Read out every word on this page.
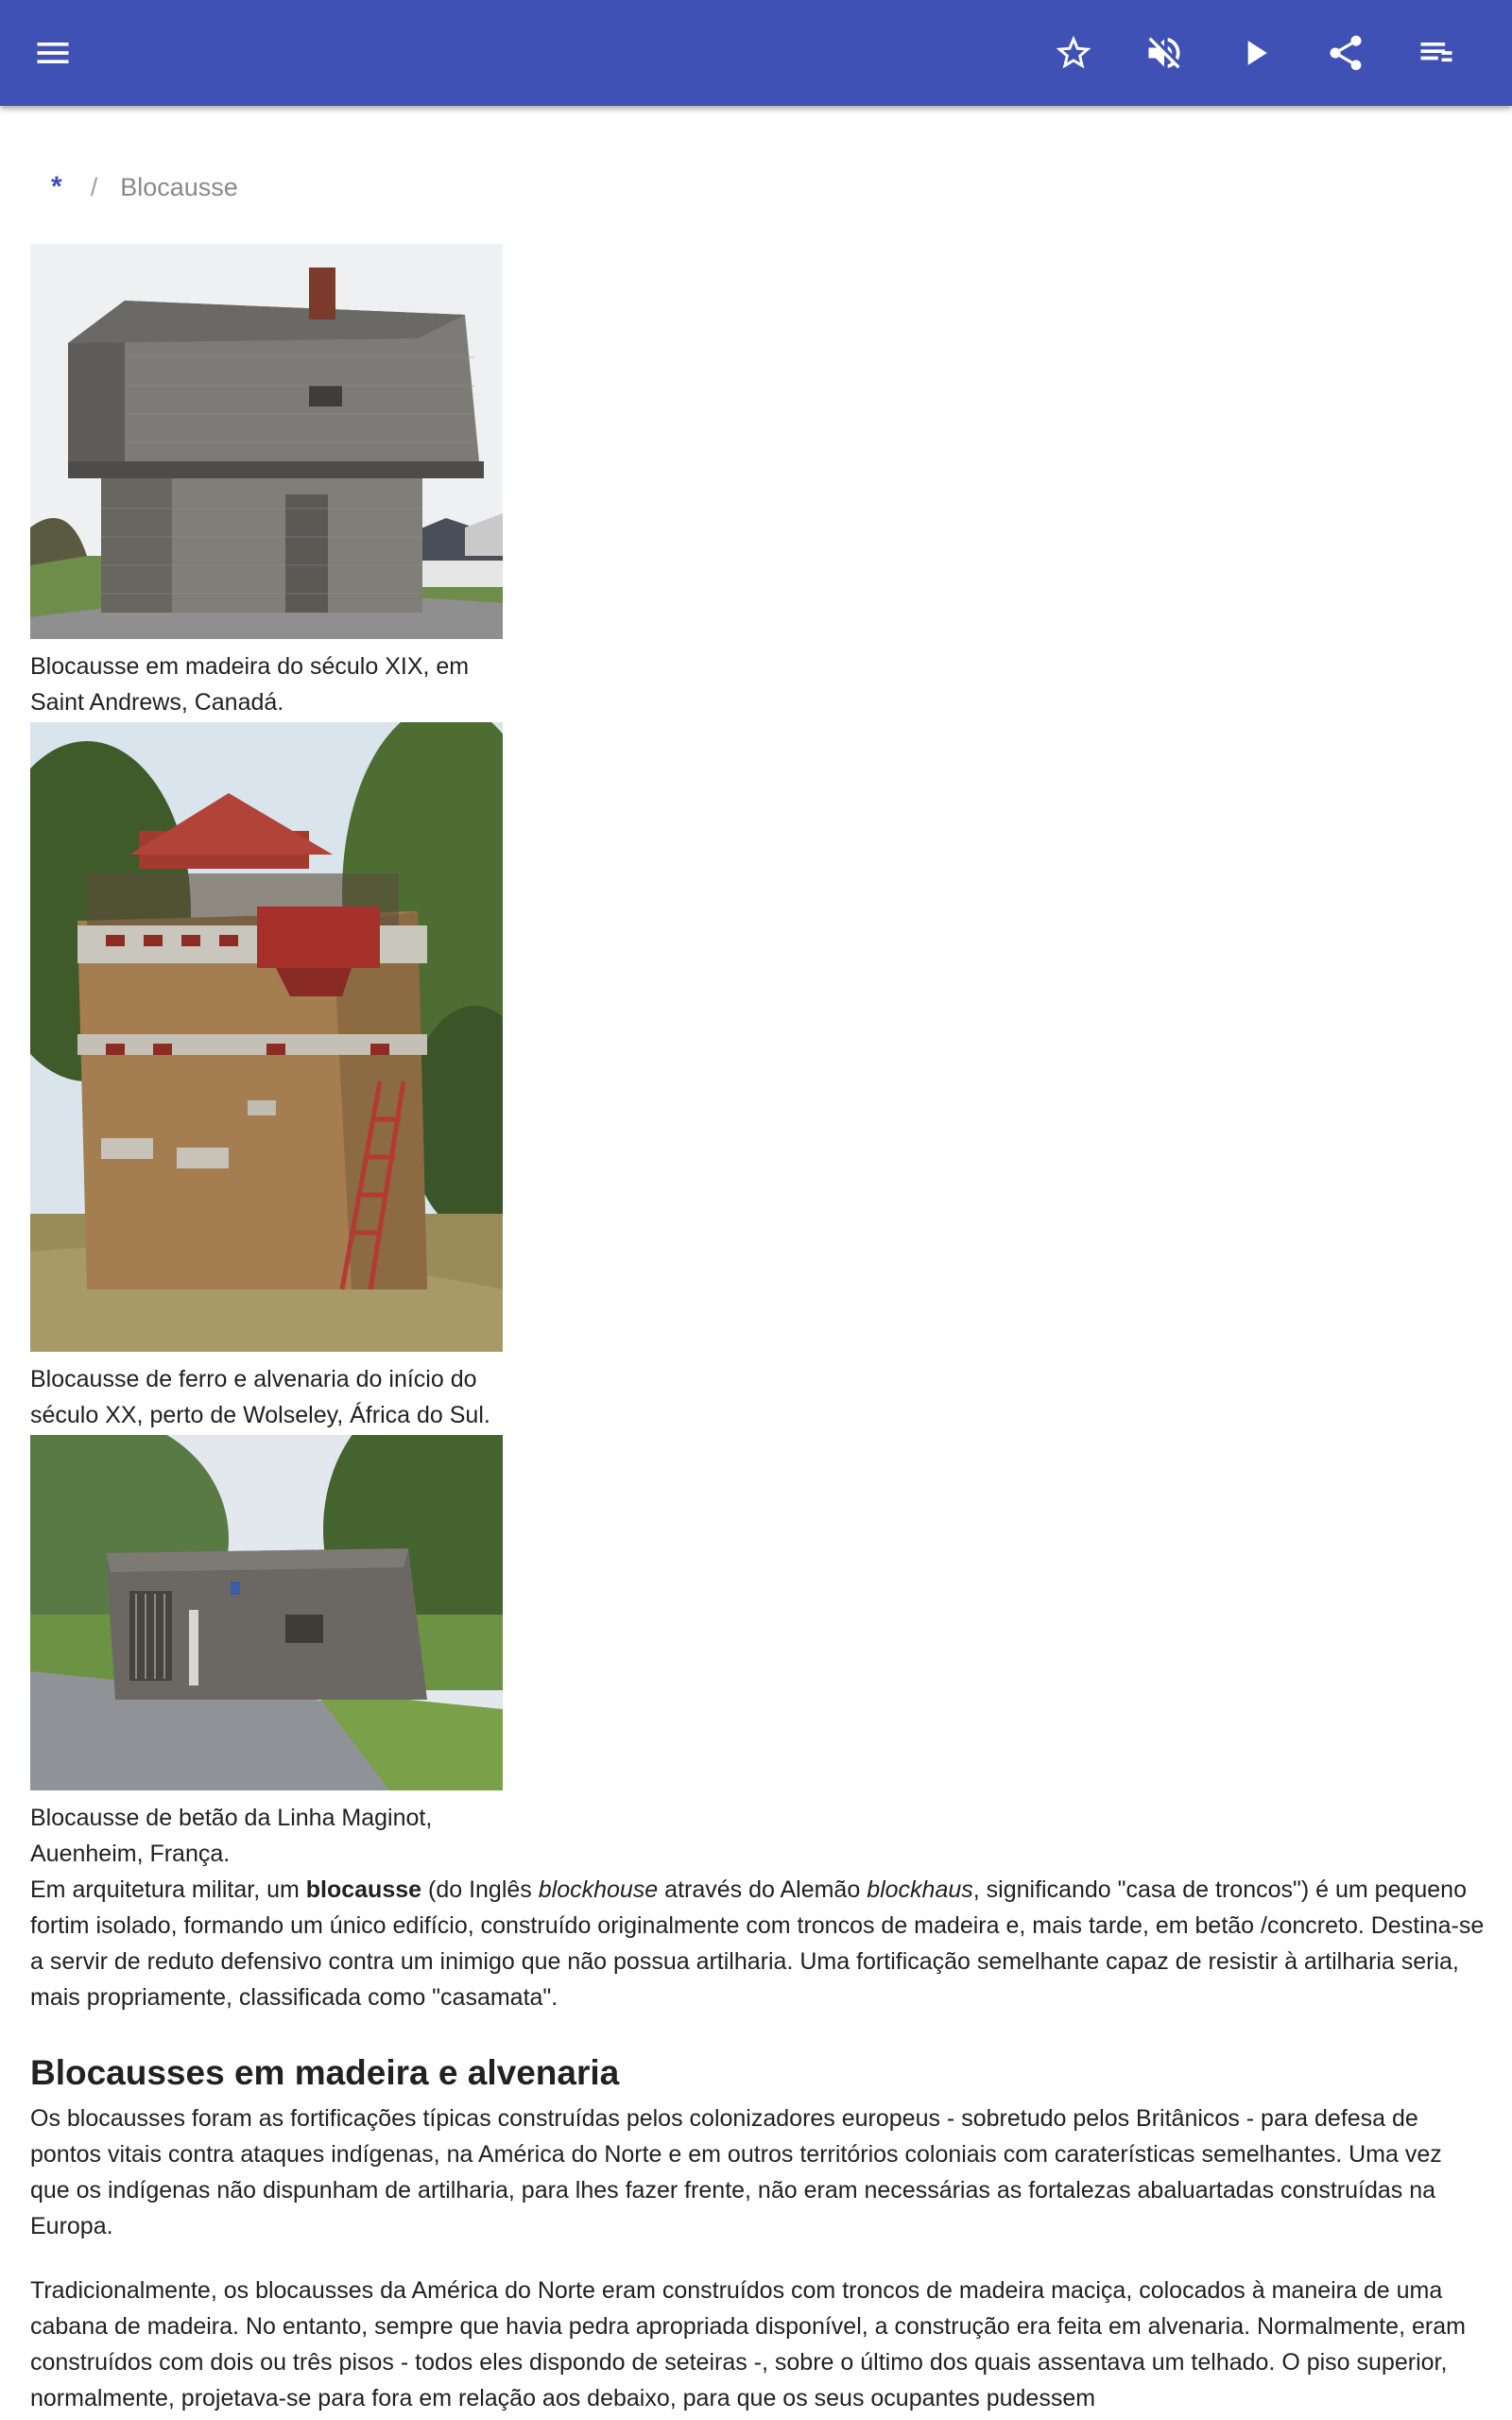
* / Blocausse
Blocausse em madeira do século XIX, em Saint Andrews, Canadá.
Blocausse de ferro e alvenaria do início do século XX, perto de Wolseley, África do Sul.
Blocausse de betão da Linha Maginot, Auenheim, França.

Em arquitetura militar, um blocausse (do Inglês blockhouse através do Alemão blockhaus, significando "casa de troncos") é um pequeno fortim isolado, formando um único edifício, construído originalmente com troncos de madeira e, mais tarde, em betão /concreto. Destina-se a servir de reduto defensivo contra um inimigo que não possua artilharia. Uma fortificação semelhante capaz de resistir à artilharia seria, mais propriamente, classificada como "casamata".

Blocausses em madeira e alvenaria

Os blocausses foram as fortificações típicas construídas pelos colonizadores europeus - sobretudo pelos Britânicos - para defesa de pontos vitais contra ataques indígenas, na América do Norte e em outros territórios coloniais com caraterísticas semelhantes. Uma vez que os indígenas não dispunham de artilharia, para lhes fazer frente, não eram necessárias as fortalezas abaluartadas construídas na Europa.

Tradicionalmente, os blocausses da América do Norte eram construídos com troncos de madeira maciça, colocados à maneira de uma cabana de madeira. No entanto, sempre que havia pedra apropriada disponível, a construção era feita em alvenaria. Normalmente, eram construídos com dois ou três pisos - todos eles dispondo de seteiras -, sobre o último dos quais assentava um telhado. O piso superior, normalmente, projetava-se para fora em relação aos debaixo, para que os seus ocupantes pudessem
